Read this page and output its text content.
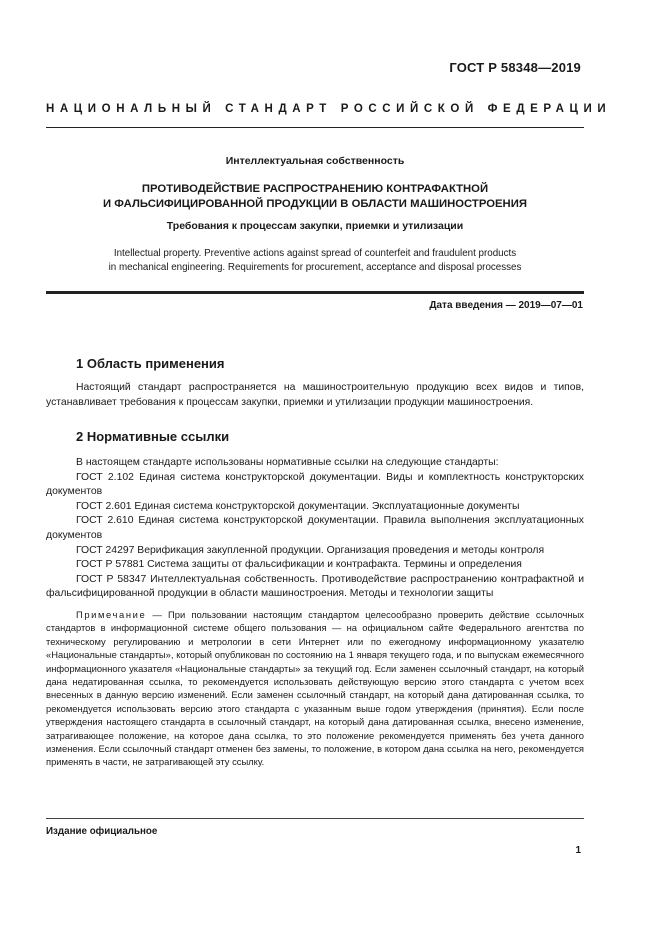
ГОСТ Р 58348—2019
НАЦИОНАЛЬНЫЙ СТАНДАРТ РОССИЙСКОЙ ФЕДЕРАЦИИ
Интеллектуальная собственность
ПРОТИВОДЕЙСТВИЕ РАСПРОСТРАНЕНИЮ КОНТРАФАКТНОЙ
И ФАЛЬСИФИЦИРОВАННОЙ ПРОДУКЦИИ В ОБЛАСТИ МАШИНОСТРОЕНИЯ
Требования к процессам закупки, приемки и утилизации
Intellectual property. Preventive actions against spread of counterfeit and fraudulent products
in mechanical engineering. Requirements for procurement, acceptance and disposal processes
Дата введения — 2019—07—01
1 Область применения

Настоящий стандарт распространяется на машиностроительную продукцию всех видов и типов, устанавливает требования к процессам закупки, приемки и утилизации продукции машиностроения.

2 Нормативные ссылки

В настоящем стандарте использованы нормативные ссылки на следующие стандарты:

ГОСТ 2.102 Единая система конструкторской документации. Виды и комплектность конструкторских документов

ГОСТ 2.601 Единая система конструкторской документации. Эксплуатационные документы

ГОСТ 2.610 Единая система конструкторской документации. Правила выполнения эксплуатационных документов

ГОСТ 24297 Верификация закупленной продукции. Организация проведения и методы контроля

ГОСТ Р 57881 Система защиты от фальсификации и контрафакта. Термины и определения

ГОСТ Р 58347 Интеллектуальная собственность. Противодействие распространению контрафактной и фальсифицированной продукции в области машиностроения. Методы и технологии защиты

Примечание — При пользовании настоящим стандартом целесообразно проверить действие ссылочных стандартов в информационной системе общего пользования — на официальном сайте Федерального агентства по техническому регулированию и метрологии в сети Интернет или по ежегодному информационному указателю «Национальные стандарты», который опубликован по состоянию на 1 января текущего года, и по выпускам ежемесячного информационного указателя «Национальные стандарты» за текущий год. Если заменен ссылочный стандарт, на который дана недатированная ссылка, то рекомендуется использовать действующую версию этого стандарта с учетом всех внесенных в данную версию изменений. Если заменен ссылочный стандарт, на который дана датированная ссылка, то рекомендуется использовать версию этого стандарта с указанным выше годом утверждения (принятия). Если после утверждения настоящего стандарта в ссылочный стандарт, на который дана датированная ссылка, внесено изменение, затрагивающее положение, на которое дана ссылка, то это положение рекомендуется применять без учета данного изменения. Если ссылочный стандарт отменен без замены, то положение, в котором дана ссылка на него, рекомендуется применять в части, не затрагивающей эту ссылку.

Издание официальное
1
